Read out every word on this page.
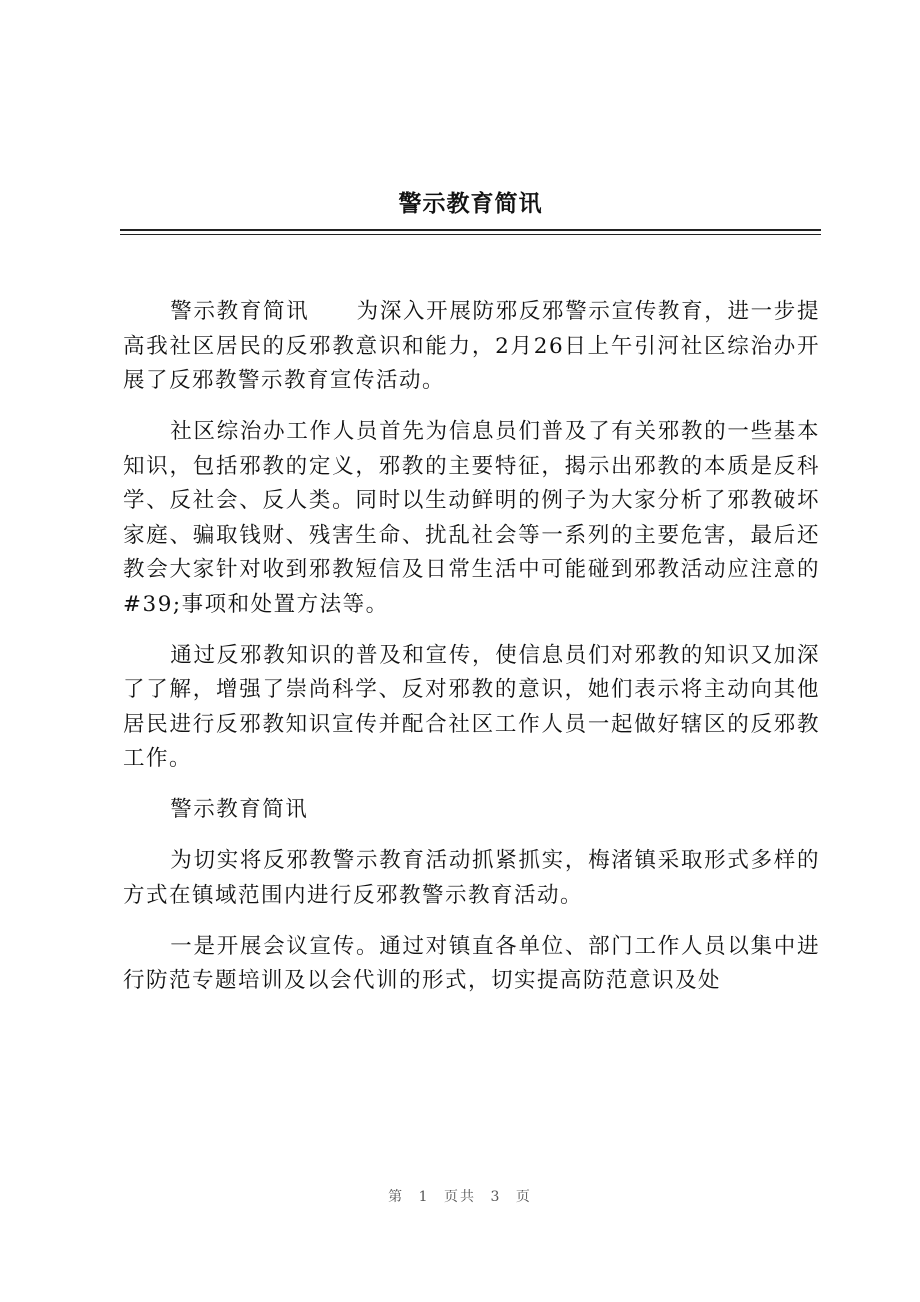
警示教育简讯

警示教育简讯 为深入开展防邪反邪警示宣传教育，进一步提高我社区居民的反邪教意识和能力，2月26日上午引河社区综治办开展了反邪教警示教育宣传活动。

社区综治办工作人员首先为信息员们普及了有关邪教的一些基本知识，包括邪教的定义，邪教的主要特征，揭示出邪教的本质是反科学、反社会、反人类。同时以生动鲜明的例子为大家分析了邪教破坏家庭、骗取钱财、残害生命、扰乱社会等一系列的主要危害，最后还教会大家针对收到邪教短信及日常生活中可能碰到邪教活动应注意的#39;事项和处置方法等。

通过反邪教知识的普及和宣传，使信息员们对邪教的知识又加深了了解，增强了崇尚科学、反对邪教的意识，她们表示将主动向其他居民进行反邪教知识宣传并配合社区工作人员一起做好辖区的反邪教工作。

警示教育简讯

为切实将反邪教警示教育活动抓紧抓实，梅渚镇采取形式多样的方式在镇域范围内进行反邪教警示教育活动。

一是开展会议宣传。通过对镇直各单位、部门工作人员以集中进行防范专题培训及以会代训的形式，切实提高防范意识及处

第 1 页共 3 页
